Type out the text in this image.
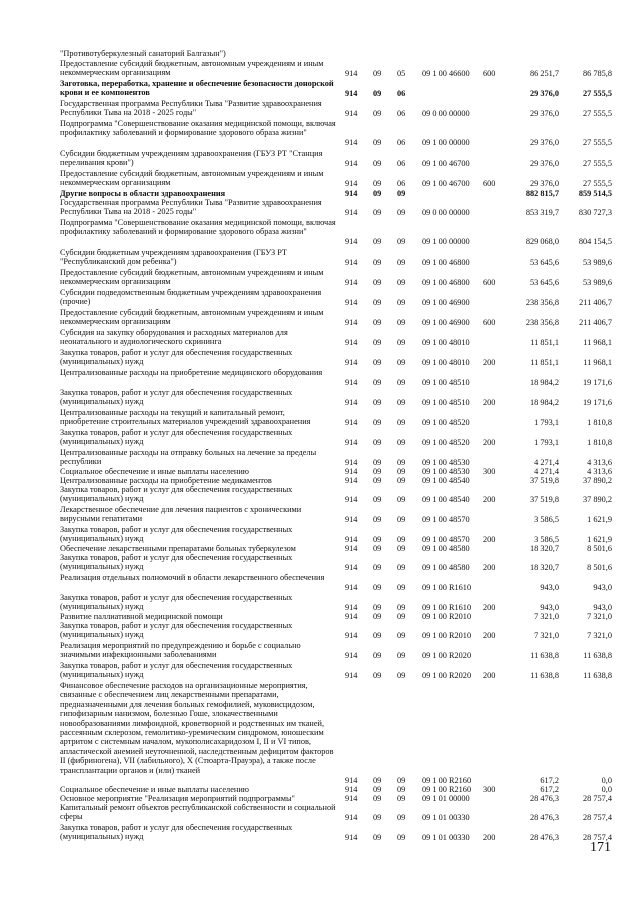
"Противотуберкулезный санаторий Балгазын")
Предоставление субсидий бюджетным, автономным учреждениям и иным некоммерческим организациям	914	09	05	09 1 00 46600	600	86 251,7	86 785,8
Заготовка, переработка, хранение и обеспечение безопасности донорской крови и ее компонентов	914	09	06	29 376,0	27 555,5
Государственная программа Республики Тыва "Развитие здравоохранения Республики Тыва на 2018 - 2025 годы"	914	09	06	09 0 00 00000	29 376,0	27 555,5
Подпрограмма "Совершенствование оказания медицинской помощи, включая профилактику заболеваний и формирование здорового образа жизни"
914	09	06	09 1 00 00000	29 376,0	27 555,5
Субсидии бюджетным учреждениям здравоохранения (ГБУЗ РТ "Станция переливания крови")	914	09	06	09 1 00 46700	29 376,0	27 555,5
Предоставление субсидий бюджетным, автономным учреждениям и иным некоммерческим организациям	914	09	06	09 1 00 46700	600	29 376,0	27 555,5
Другие вопросы в области здравоохранения	914	09	09	882 815,7	859 514,5
Государственная программа Республики Тыва "Развитие здравоохранения Республики Тыва на 2018 - 2025 годы"	914	09	09	09 0 00 00000	853 319,7	830 727,3
Подпрограмма "Совершенствование оказания медицинской помощи, включая профилактику заболеваний и формирование здорового образа жизни"
914	09	09	09 1 00 00000	829 068,0	804 154,5
Субсидии бюджетным учреждениям здравоохранения (ГБУЗ РТ "Республиканский дом ребенка")	914	09	09	09 1 00 46800	53 645,6	53 989,6
Предоставление субсидий бюджетным, автономным учреждениям и иным некоммерческим организациям	914	09	09	09 1 00 46800	600	53 645,6	53 989,6
Субсидии подведомственным бюджетным учреждениям здравоохранения (прочие)	914	09	09	09 1 00 46900	238 356,8	211 406,7
Предоставление субсидий бюджетным, автономным учреждениям и иным некоммерческим организациям	914	09	09	09 1 00 46900	600	238 356,8	211 406,7
Субсидия на закупку оборудования и расходных материалов для неонатального и аудиологического скрининга	914	09	09	09 1 00 48010	11 851,1	11 968,1
Закупка товаров, работ и услуг для обеспечения государственных (муниципальных) нужд	914	09	09	09 1 00 48010	200	11 851,1	11 968,1
Централизованные расходы на приобретение медицинского оборудования
914	09	09	09 1 00 48510	18 984,2	19 171,6
Закупка товаров, работ и услуг для обеспечения государственных (муниципальных) нужд	914	09	09	09 1 00 48510	200	18 984,2	19 171,6
Централизованные расходы на текущий и капитальный ремонт, приобретение строительных материалов учреждений здравоохранения	914	09	09	09 1 00 48520	1 793,1	1 810,8
Закупка товаров, работ и услуг для обеспечения государственных (муниципальных) нужд	914	09	09	09 1 00 48520	200	1 793,1	1 810,8
Централизованные расходы на отправку больных на лечение за пределы республики	914	09	09	09 1 00 48530	4 271,4	4 313,6
Социальное обеспечение и иные выплаты населению	914	09	09	09 1 00 48530	300	4 271,4	4 313,6
Централизованные расходы на приобретение медикаментов	914	09	09	09 1 00 48540	37 519,8	37 890,2
Закупка товаров, работ и услуг для обеспечения государственных (муниципальных) нужд	914	09	09	09 1 00 48540	200	37 519,8	37 890,2
Лекарственное обеспечение для лечения пациентов с хроническими вирусными гепатитами	914	09	09	09 1 00 48570	3 586,5	1 621,9
Закупка товаров, работ и услуг для обеспечения государственных (муниципальных) нужд	914	09	09	09 1 00 48570	200	3 586,5	1 621,9
Обеспечение лекарственными препаратами больных туберкулезом	914	09	09	09 1 00 48580	18 320,7	8 501,6
Закупка товаров, работ и услуг для обеспечения государственных (муниципальных) нужд	914	09	09	09 1 00 48580	200	18 320,7	8 501,6
Реализация отдельных полномочий в области лекарственного обеспечения
914	09	09	09 1 00 R1610	943,0	943,0
Закупка товаров, работ и услуг для обеспечения государственных (муниципальных) нужд	914	09	09	09 1 00 R1610	200	943,0	943,0
Развитие паллиативной медицинской помощи	914	09	09	09 1 00 R2010	7 321,0	7 321,0
Закупка товаров, работ и услуг для обеспечения государственных (муниципальных) нужд	914	09	09	09 1 00 R2010	200	7 321,0	7 321,0
Реализация мероприятий по предупреждению и борьбе с социально значимыми инфекционными заболеваниями	914	09	09	09 1 00 R2020	11 638,8	11 638,8
Закупка товаров, работ и услуг для обеспечения государственных (муниципальных) нужд	914	09	09	09 1 00 R2020	200	11 638,8	11 638,8
Финансовое обеспечение расходов на организационные мероприятия, связанные с обеспечением лиц лекарственными препаратами, предназначенными для лечения больных гемофилией, муковисцидозом, гипофизарным нанизмом, болезнью Гоше, злокачественными новообразованиями лимфоидной, кроветворной и родственных им тканей, рассеянным склерозом, гемолитико-уремическим синдромом, юношеским артритом с системным началом, мукополисахаридозом I, II и VI типов, апластической анемией неуточненной, наследственным дефицитом факторов II (фибриногена), VII (лабильного), X (Стюарта-Прауэра), а также после трансплантации органов и (или) тканей
914	09	09	09 1 00 R2160	617,2	0,0
Социальное обеспечение и иные выплаты населению	914	09	09	09 1 00 R2160	300	617,2	0,0
Основное мероприятие "Реализация мероприятий подпрограммы"	914	09	09	09 1 01 00000	28 476,3	28 757,4
Капитальный ремонт объектов республиканской собственности и социальной сферы	914	09	09	09 1 01 00330	28 476,3	28 757,4
Закупка товаров, работ и услуг для обеспечения государственных (муниципальных) нужд	914	09	09	09 1 01 00330	200	28 476,3	28 757,4
171
